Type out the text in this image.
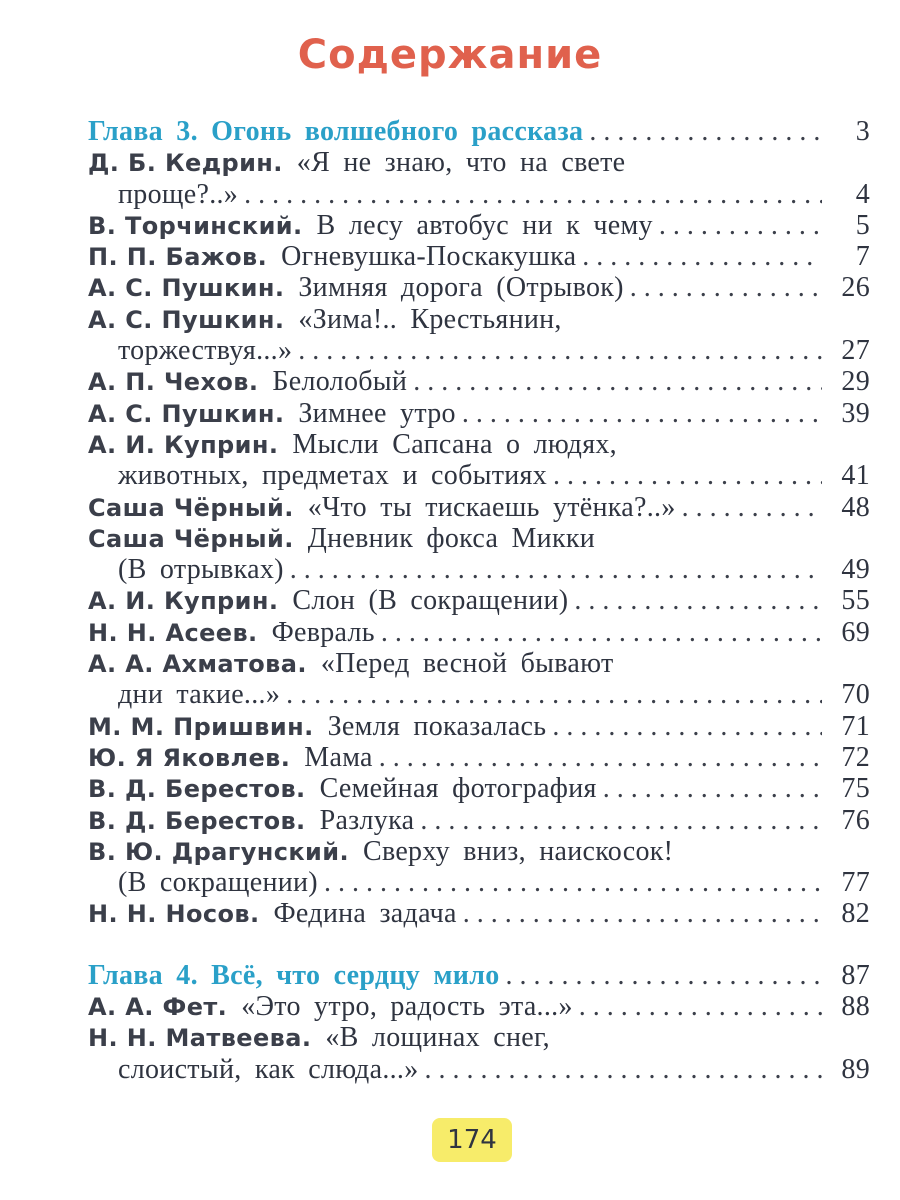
Содержание
Глава 3. Огонь волшебного рассказа . . .	3
Д. Б. Кедрин. «Я не знаю, что на свете
проще?..» . . .	4
В. Торчинский. В лесу автобус ни к чему . . .	5
П. П. Бажов. Огневушка-Поскакушка . . .	7
А. С. Пушкин. Зимняя дорога (Отрывок) . . .	26
А. С. Пушкин. «Зима!.. Крестьянин,
торжествуя...» . . .	27
А. П. Чехов. Белолобый . . .	29
А. С. Пушкин. Зимнее утро . . .	39
А. И. Куприн. Мысли Сапсана о людях,
животных, предметах и событиях . . .	41
Саша Чёрный. «Что ты тискаешь утёнка?..» . . .	48
Саша Чёрный. Дневник фокса Микки
(В отрывках) . . .	49
А. И. Куприн. Слон (В сокращении) . . .	55
Н. Н. Асеев. Февраль . . .	69
А. А. Ахматова. «Перед весной бывают
дни такие...» . . .	70
М. М. Пришвин. Земля показалась . . .	71
Ю. Я Яковлев. Мама . . .	72
В. Д. Берестов. Семейная фотография . . .	75
В. Д. Берестов. Разлука . . .	76
В. Ю. Драгунский. Сверху вниз, наискосок!
(В сокращении) . . .	77
Н. Н. Носов. Федина задача . . .	82
Глава 4. Всё, что сердцу мило . . .	87
А. А. Фет. «Это утро, радость эта...» . . .	88
Н. Н. Матвеева. «В лощинах снег,
слоистый, как слюда...» . . .	89
174
